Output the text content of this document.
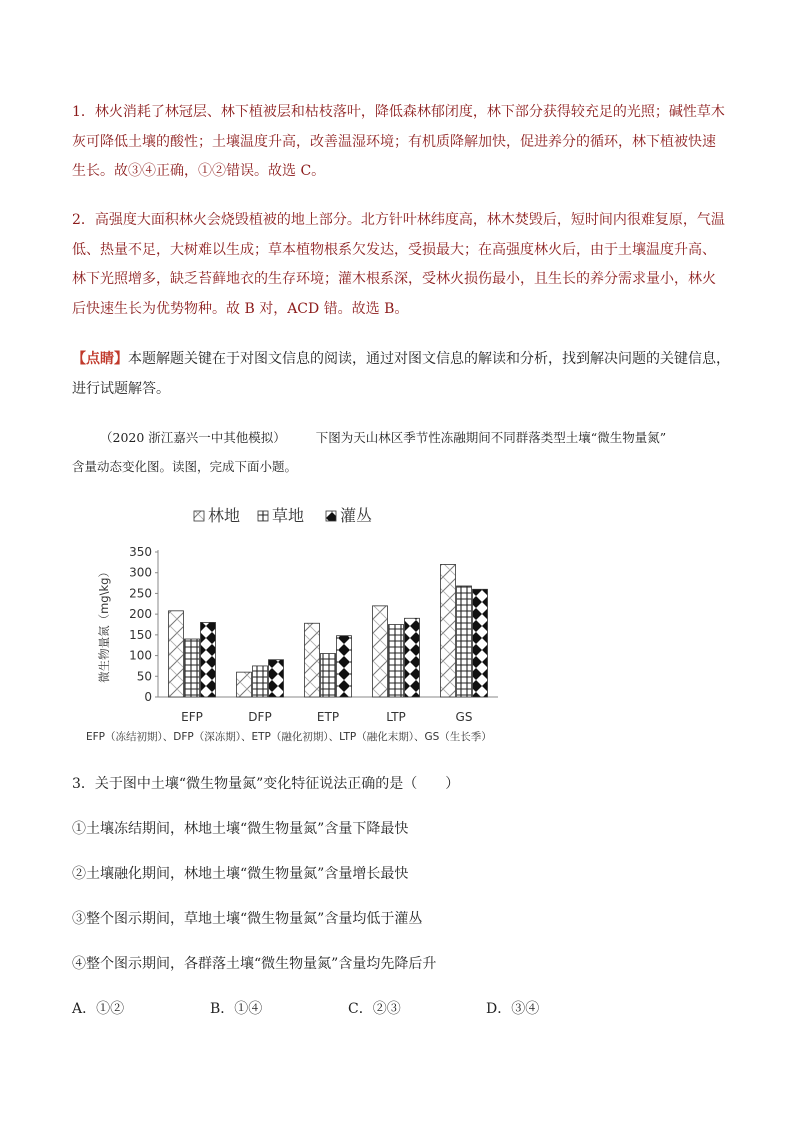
1．林火消耗了林冠层、林下植被层和枯枝落叶，降低森林郁闭度，林下部分获得较充足的光照；碱性草木
灰可降低土壤的酸性；土壤温度升高，改善温湿环境；有机质降解加快，促进养分的循环，林下植被快速
生长。故③④正确，①②错误。故选 C。
2．高强度大面积林火会烧毁植被的地上部分。北方针叶林纬度高，林木焚毁后，短时间内很难复原，气温
低、热量不足，大树难以生成；草本植物根系欠发达，受损最大；在高强度林火后，由于土壤温度升高、
林下光照增多，缺乏苔藓地衣的生存环境；灌木根系深，受林火损伤最小，且生长的养分需求量小，林火
后快速生长为优势物种。故 B 对，ACD 错。故选 B。
【点睛】本题解题关键在于对图文信息的阅读，通过对图文信息的解读和分析，找到解决问题的关键信息，
进行试题解答。
（2020 浙江嘉兴一中其他模拟） 下图为天山林区季节性冻融期间不同群落类型土壤“微生物量氮”
含量动态变化图。读图，完成下面小题。
林地 草地 灌丛
0
50
100
150
200
250
300
350
微生物量氮（mg\kg）
EFP	DFP	ETP	LTP	GS
EFP（冻结初期）、DFP（深冻期）、ETP（融化初期）、LTP（融化末期）、GS（生长季）
3．关于图中土壤“微生物量氮”变化特征说法正确的是（　　）
①土壤冻结期间，林地土壤“微生物量氮”含量下降最快
②土壤融化期间，林地土壤“微生物量氮”含量增长最快
③整个图示期间，草地土壤“微生物量氮”含量均低于灌丛
④整个图示期间，各群落土壤“微生物量氮”含量均先降后升
A．①②	B．①④	C．②③	D．③④
